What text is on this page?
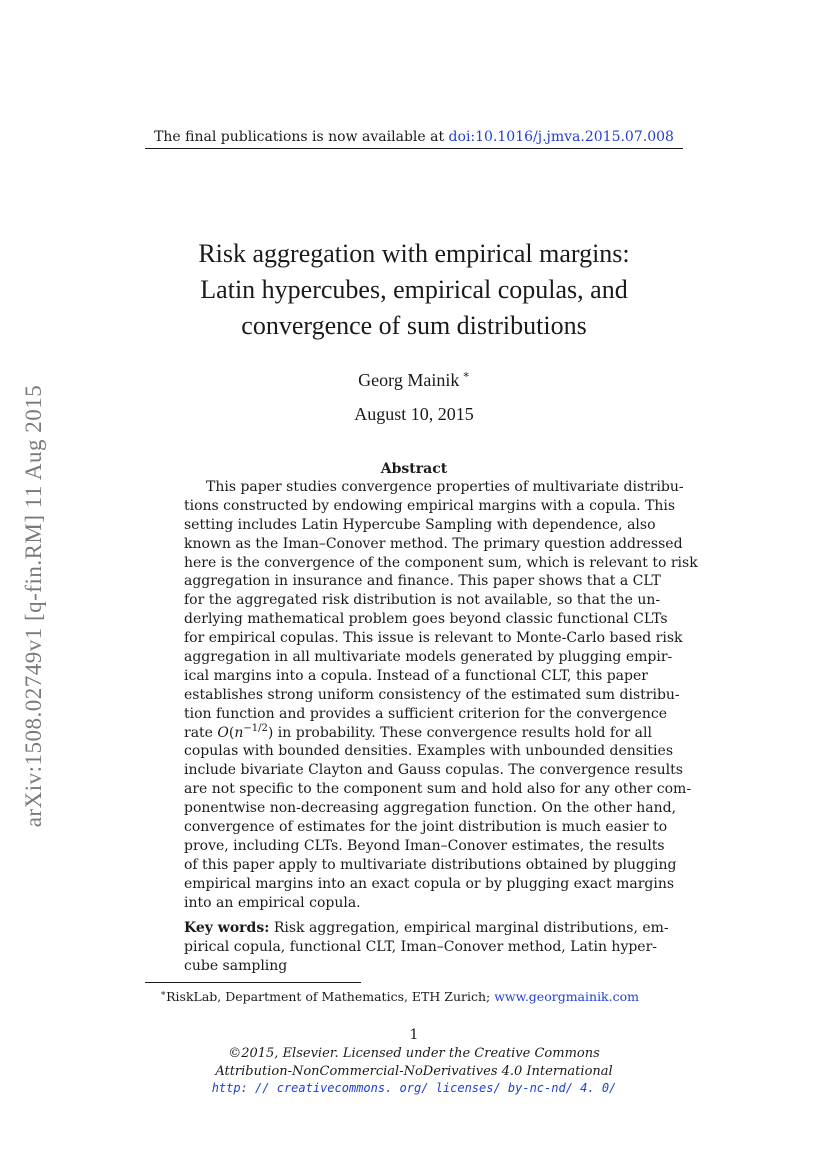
The final publications is now available at doi:10.1016/j.jmva.2015.07.008
arXiv:1508.02749v1 [q-fin.RM] 11 Aug 2015
Risk aggregation with empirical margins:
Latin hypercubes, empirical copulas, and
convergence of sum distributions
Georg Mainik ∗
August 10, 2015
Abstract
This paper studies convergence properties of multivariate distribu-
tions constructed by endowing empirical margins with a copula. This
setting includes Latin Hypercube Sampling with dependence, also
known as the Iman–Conover method. The primary question addressed
here is the convergence of the component sum, which is relevant to risk
aggregation in insurance and finance. This paper shows that a CLT
for the aggregated risk distribution is not available, so that the un-
derlying mathematical problem goes beyond classic functional CLTs
for empirical copulas. This issue is relevant to Monte-Carlo based risk
aggregation in all multivariate models generated by plugging empir-
ical margins into a copula. Instead of a functional CLT, this paper
establishes strong uniform consistency of the estimated sum distribu-
tion function and provides a sufficient criterion for the convergence
rate $O(n^{-1/2})$ in probability. These convergence results hold for all
copulas with bounded densities. Examples with unbounded densities
include bivariate Clayton and Gauss copulas. The convergence results
are not specific to the component sum and hold also for any other com-
ponentwise non-decreasing aggregation function. On the other hand,
convergence of estimates for the joint distribution is much easier to
prove, including CLTs. Beyond Iman–Conover estimates, the results
of this paper apply to multivariate distributions obtained by plugging
empirical margins into an exact copula or by plugging exact margins
into an empirical copula.
Key words: Risk aggregation, empirical marginal distributions, em-
pirical copula, functional CLT, Iman–Conover method, Latin hyper-
cube sampling
∗RiskLab, Department of Mathematics, ETH Zurich; www.georgmainik.com
1
©2015, Elsevier. Licensed under the Creative Commons
Attribution-NonCommercial-NoDerivatives 4.0 International
http: // creativecommons. org/ licenses/ by-nc-nd/ 4. 0/
